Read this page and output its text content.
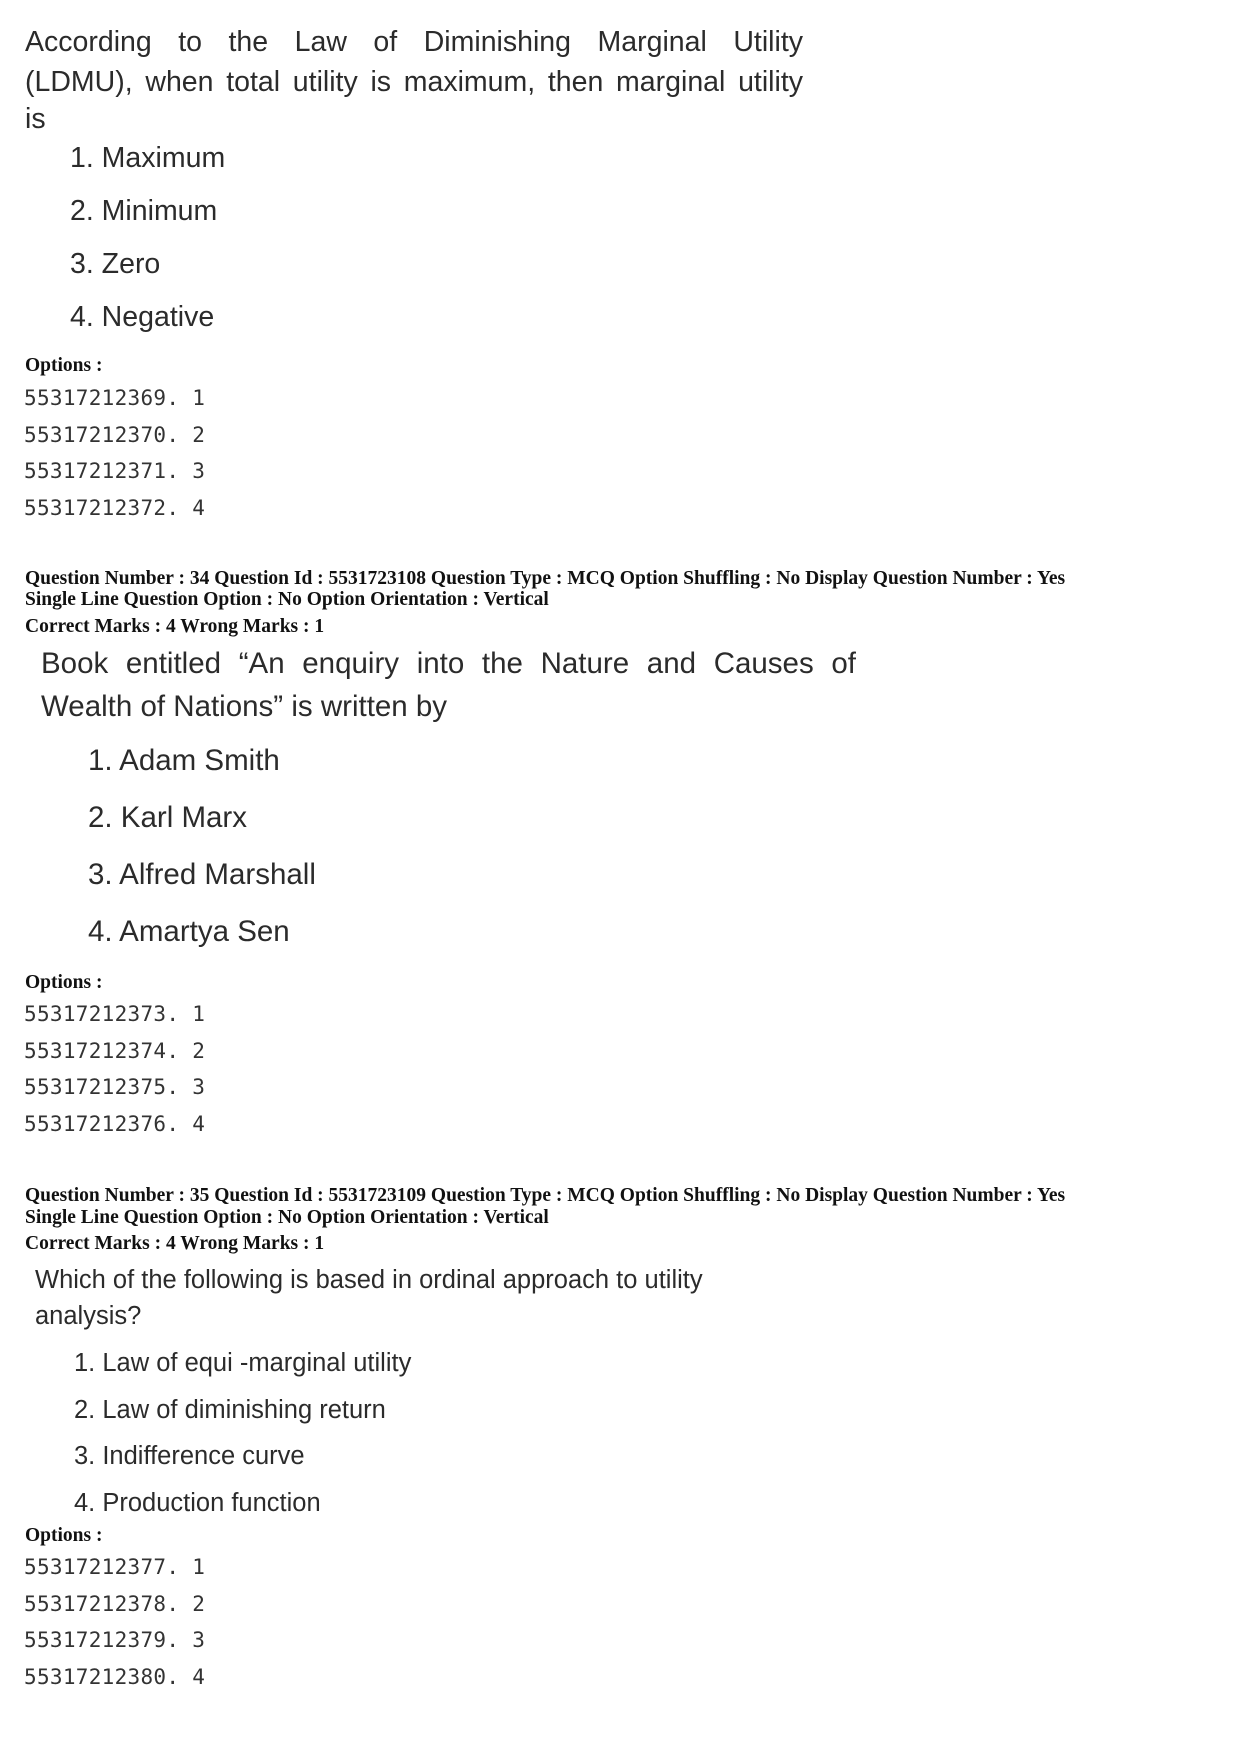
According to the Law of Diminishing Marginal Utility
(LDMU), when total utility is maximum, then marginal utility
is
1. Maximum
2. Minimum
3. Zero
4. Negative
Options :
55317212369. 1
55317212370. 2
55317212371. 3
55317212372. 4
Question Number : 34 Question Id : 5531723108 Question Type : MCQ Option Shuffling : No Display Question Number : Yes
Single Line Question Option : No Option Orientation : Vertical
Correct Marks : 4 Wrong Marks : 1
Book entitled “An enquiry into the Nature and Causes of
Wealth of Nations” is written by
1. Adam Smith
2. Karl Marx
3. Alfred Marshall
4. Amartya Sen
Options :
55317212373. 1
55317212374. 2
55317212375. 3
55317212376. 4
Question Number : 35 Question Id : 5531723109 Question Type : MCQ Option Shuffling : No Display Question Number : Yes
Single Line Question Option : No Option Orientation : Vertical
Correct Marks : 4 Wrong Marks : 1
Which of the following is based in ordinal approach to utility
analysis?
1. Law of equi -marginal utility
2. Law of diminishing return
3. Indifference curve
4. Production function
Options :
55317212377. 1
55317212378. 2
55317212379. 3
55317212380. 4
